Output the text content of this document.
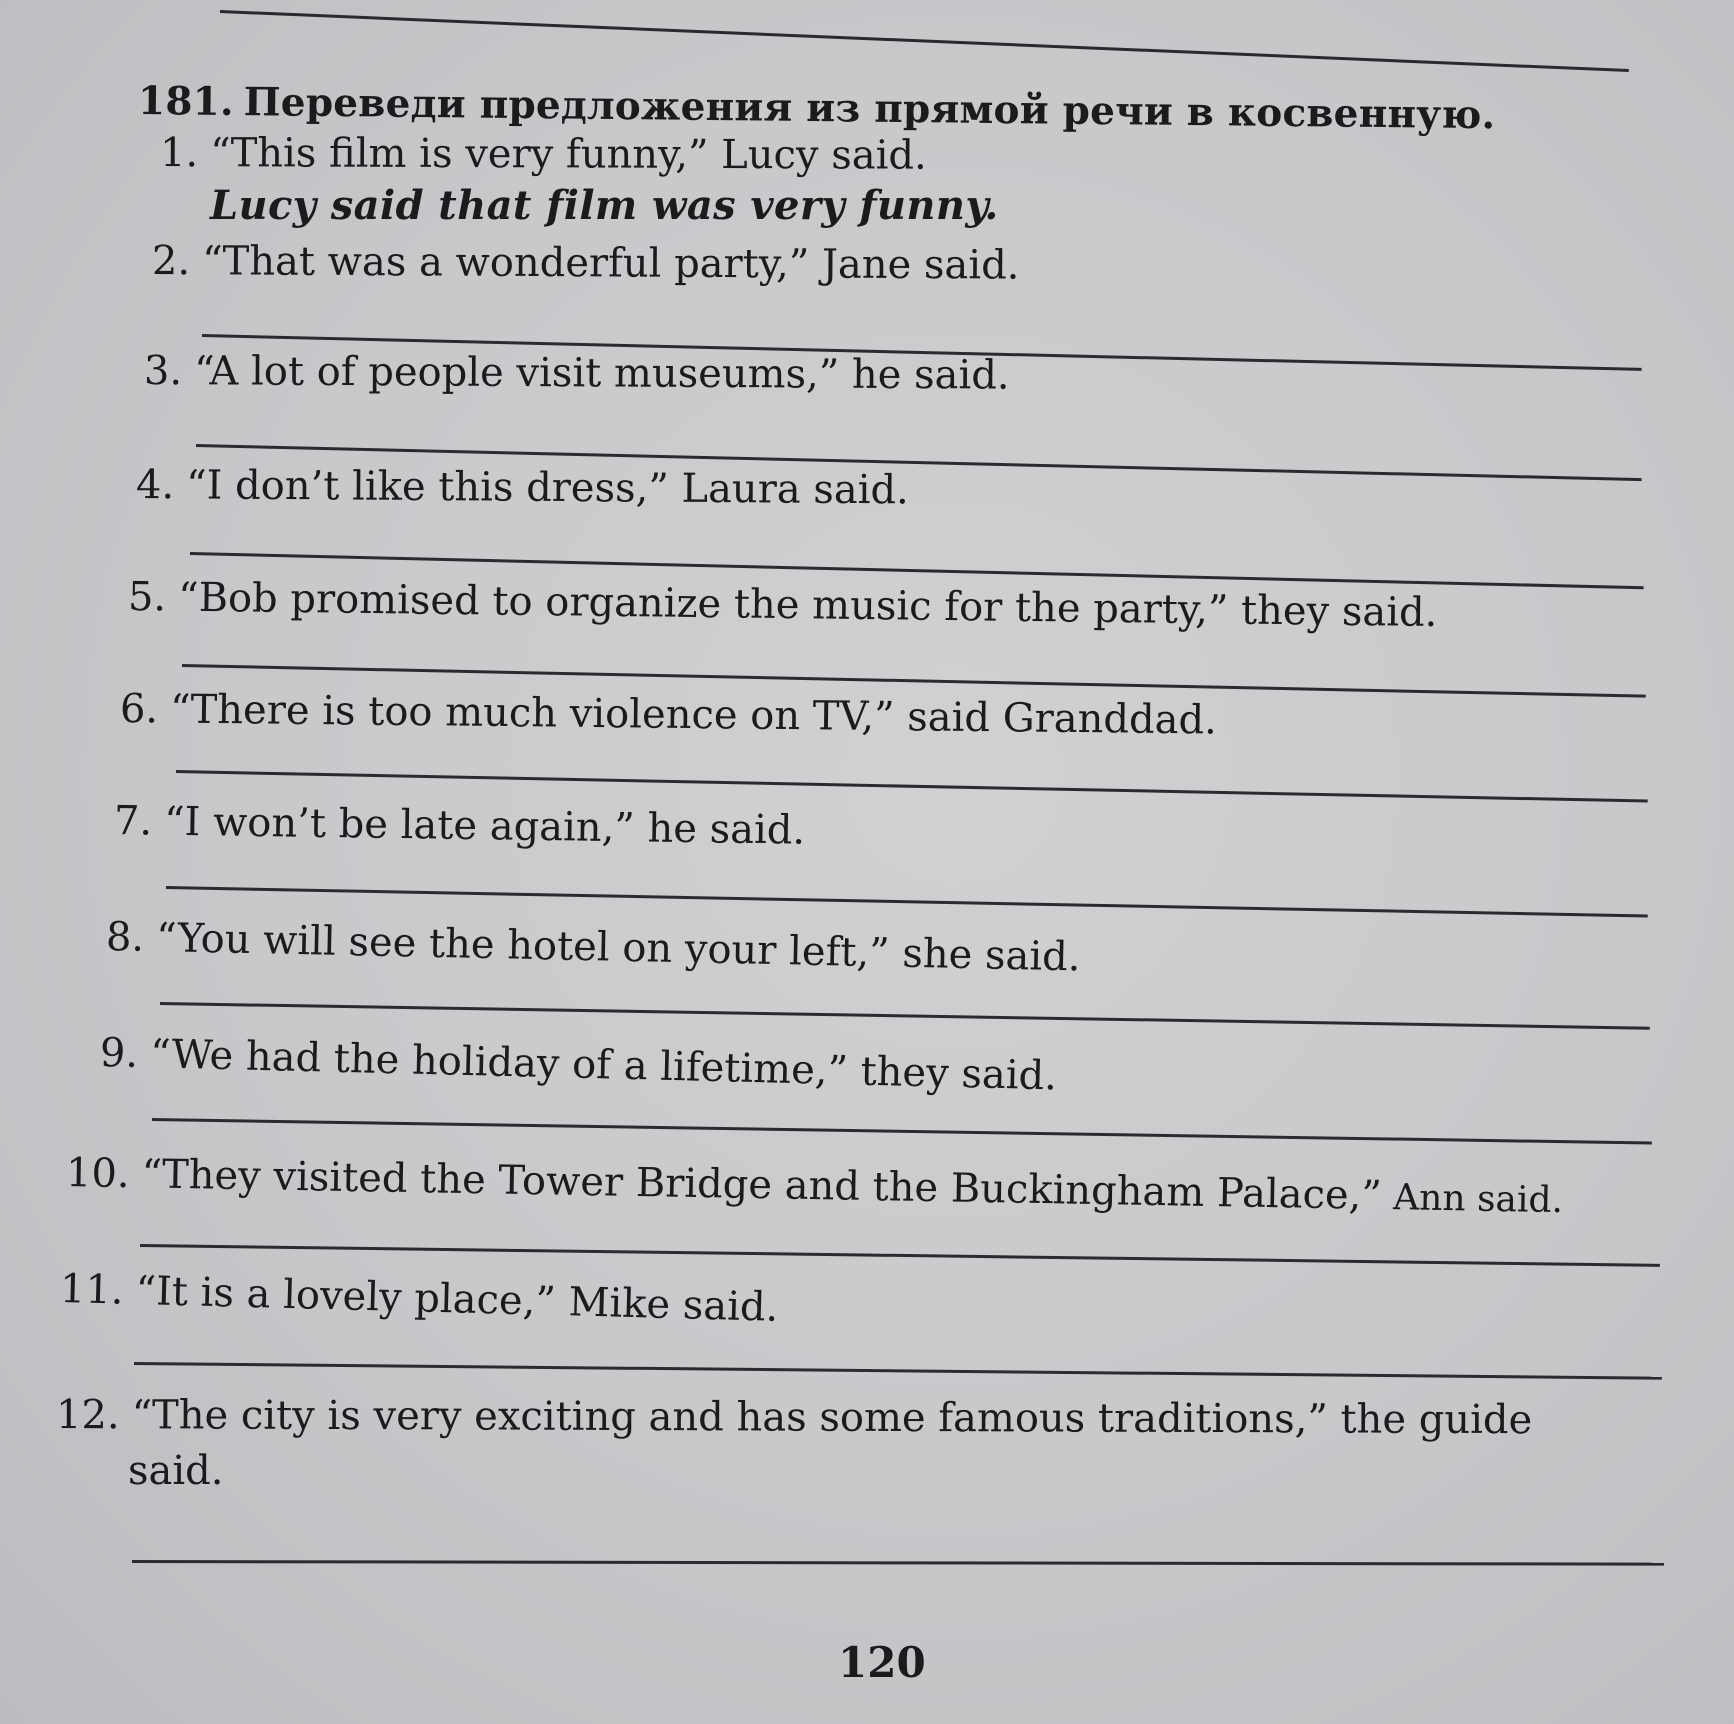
181. Переведи предложения из прямой речи в косвенную.
1. “This film is very funny,” Lucy said.
Lucy said that film was very funny.
2. “That was a wonderful party,” Jane said.
3. “A lot of people visit museums,” he said.
4. “I don’t like this dress,” Laura said.
5. “Bob promised to organize the music for the party,” they said.
6. “There is too much violence on TV,” said Granddad.
7. “I won’t be late again,” he said.
8. “You will see the hotel on your left,” she said.
9. “We had the holiday of a lifetime,” they said.
10. “They visited the Tower Bridge and the Buckingham Palace,” Ann said.
11. “It is a lovely place,” Mike said.
12. “The city is very exciting and has some famous traditions,” the guide
said.
120
